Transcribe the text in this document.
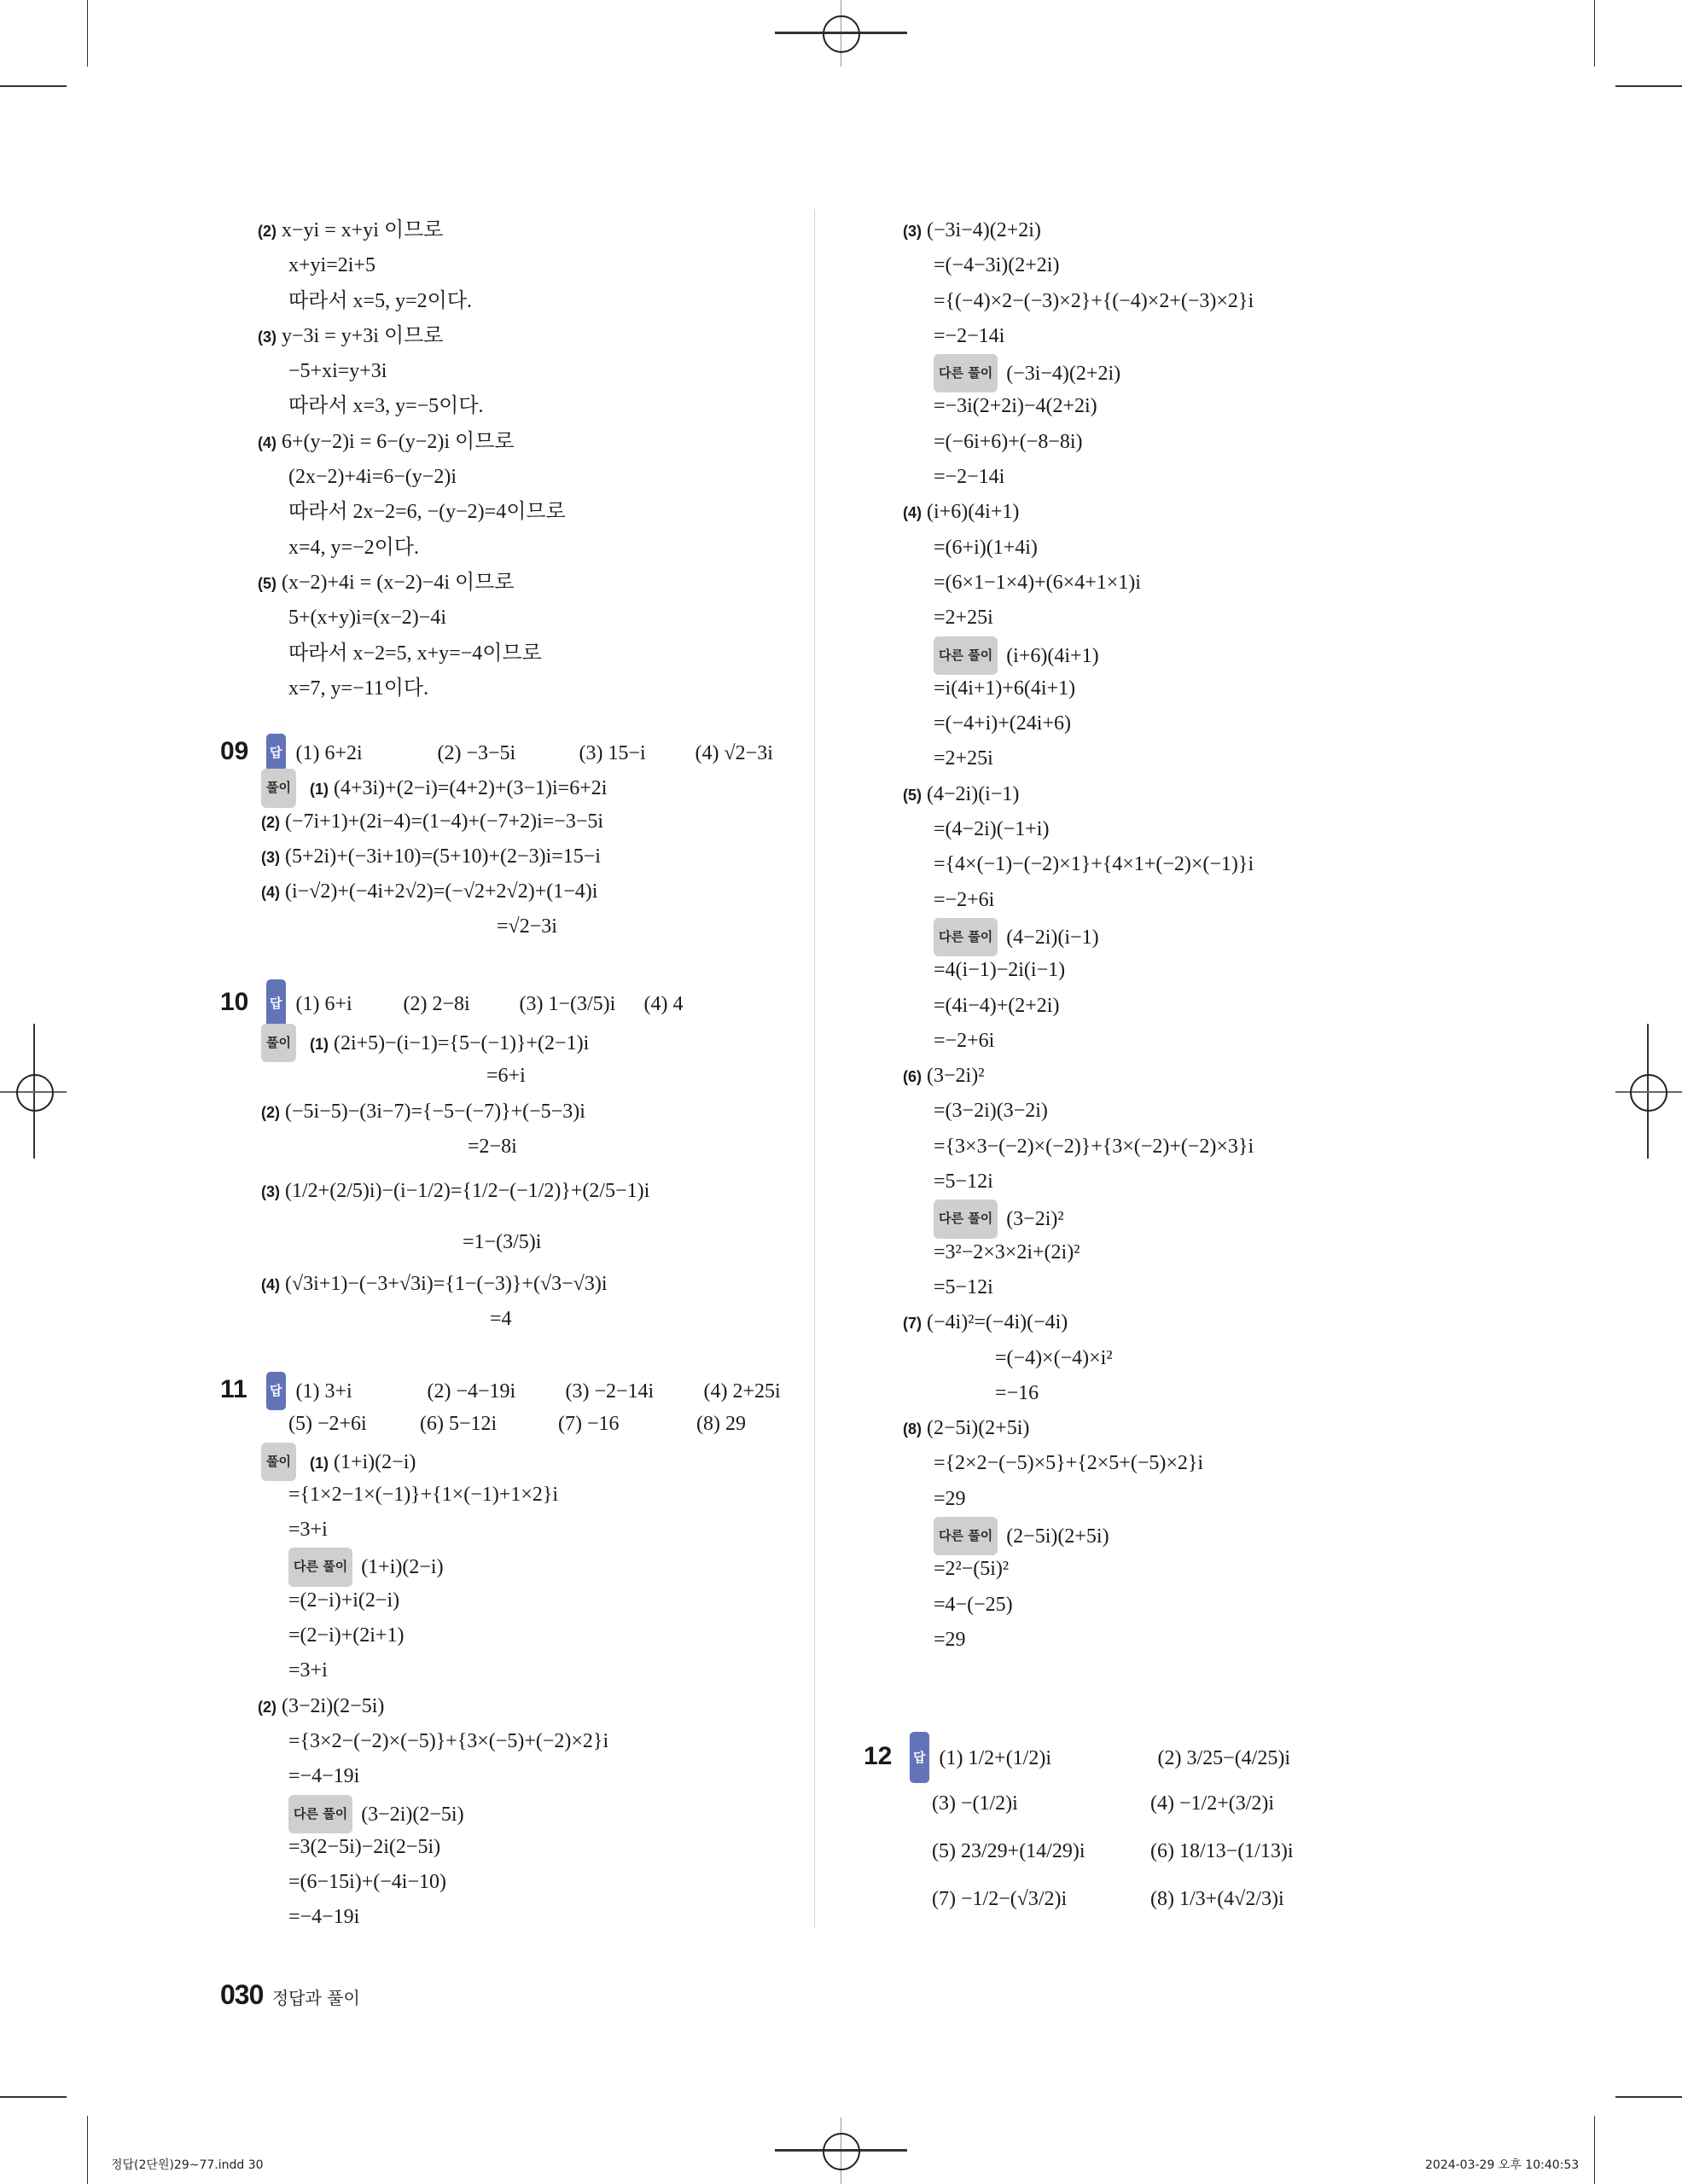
(2) x−yi = x+yi 이므로
x+yi=2i+5
따라서 x=5, y=2이다.
(3) y−3i = y+3i 이므로
−5+xi=y+3i
따라서 x=3, y=−5이다.
(4) 6+(y−2)i = 6−(y−2)i 이므로
(2x−2)+4i=6−(y−2)i
따라서 2x−2=6, −(y−2)=4이므로
x=4, y=−2이다.
(5) (x−2)+4i = (x−2)−4i 이므로
5+(x+y)i=(x−2)−4i
따라서 x−2=5, x+y=−4이므로
x=7, y=−11이다.
09 답 (1) 6+2i	(2) −3−5i	(3) 15−i (4) √2−3i
풀이 (1) (4+3i)+(2−i)=(4+2)+(3−1)i=6+2i
(2) (−7i+1)+(2i−4)=(1−4)+(−7+2)i=−3−5i
(3) (5+2i)+(−3i+10)=(5+10)+(2−3)i=15−i
(4) (i−√2)+(−4i+2√2)=(−√2+2√2)+(1−4)i
=√2−3i
10 답 (1) 6+i (2) 2−8i (3) 1−(3/5)i (4) 4
풀이 (1) (2i+5)−(i−1)={5−(−1)}+(2−1)i
=6+i
(2) (−5i−5)−(3i−7)={−5−(−7)}+(−5−3)i
=2−8i
(3) (1/2+(2/5)i)−(i−1/2)={1/2−(−1/2)}+(2/5−1)i
=1−(3/5)i
(4) (√3i+1)−(−3+√3i)={1−(−3)}+(√3−√3)i
=4
11 답 (1) 3+i	(2) −4−19i (3) −2−14i (4) 2+25i
(5) −2+6i	(6) 5−12i	(7) −16	(8) 29
풀이 (1) (1+i)(2−i)
={1×2−1×(−1)}+{1×(−1)+1×2}i
=3+i
다른 풀이 (1+i)(2−i)
=(2−i)+i(2−i)
=(2−i)+(2i+1)
=3+i
(2) (3−2i)(2−5i)
={3×2−(−2)×(−5)}+{3×(−5)+(−2)×2}i
=−4−19i
다른 풀이 (3−2i)(2−5i)
=3(2−5i)−2i(2−5i)
=(6−15i)+(−4i−10)
=−4−19i
(3) (−3i−4)(2+2i)
=(−4−3i)(2+2i)
={(−4)×2−(−3)×2}+{(−4)×2+(−3)×2}i
=−2−14i
다른 풀이 (−3i−4)(2+2i)
=−3i(2+2i)−4(2+2i)
=(−6i+6)+(−8−8i)
=−2−14i
(4) (i+6)(4i+1)
=(6+i)(1+4i)
=(6×1−1×4)+(6×4+1×1)i
=2+25i
다른 풀이 (i+6)(4i+1)
=i(4i+1)+6(4i+1)
=(−4+i)+(24i+6)
=2+25i
(5) (4−2i)(i−1)
=(4−2i)(−1+i)
={4×(−1)−(−2)×1}+{4×1+(−2)×(−1)}i
=−2+6i
다른 풀이 (4−2i)(i−1)
=4(i−1)−2i(i−1)
=(4i−4)+(2+2i)
=−2+6i
(6) (3−2i)²
=(3−2i)(3−2i)
={3×3−(−2)×(−2)}+{3×(−2)+(−2)×3}i
=5−12i
다른 풀이 (3−2i)²
=3²−2×3×2i+(2i)²
=5−12i
(7) (−4i)²=(−4i)(−4i)
=(−4)×(−4)×i²
=−16
(8) (2−5i)(2+5i)
={2×2−(−5)×5}+{2×5+(−5)×2}i
=29
다른 풀이 (2−5i)(2+5i)
=2²−(5i)²
=4−(−25)
=29
12 답 (1) 1/2+(1/2)i	(2) 3/25−(4/25)i
(3) −(1/2)i	(4) −1/2+(3/2)i
(5) 23/29+(14/29)i	(6) 18/13−(1/13)i
(7) −1/2−(√3/2)i	(8) 1/3+(4√2/3)i
030 정답과 풀이
정답(2단원)29~77.indd 30	2024-03-29 오후 10:40:53
